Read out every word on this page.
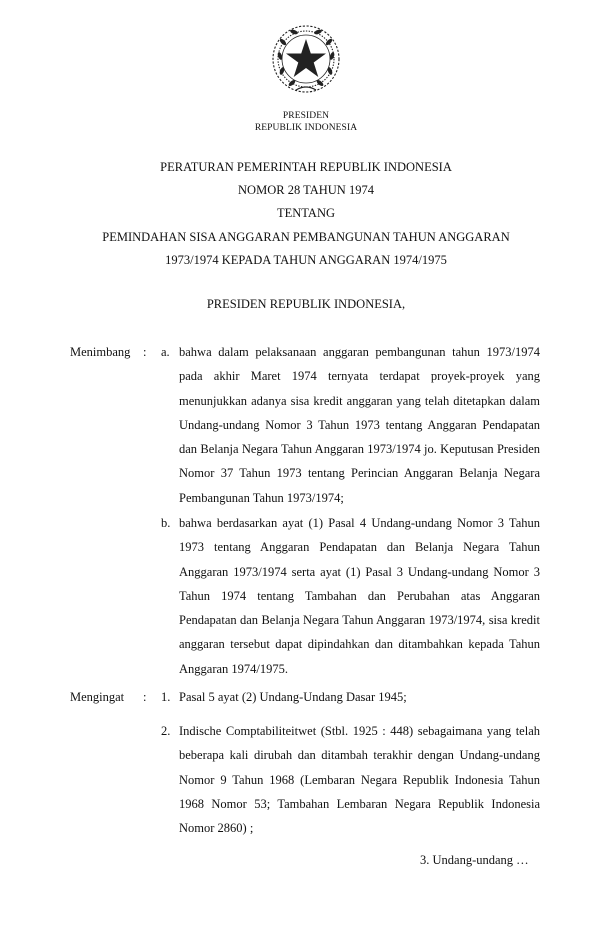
PRESIDEN
REPUBLIK INDONESIA
PERATURAN PEMERINTAH REPUBLIK INDONESIA
NOMOR 28 TAHUN 1974
TENTANG
PEMINDAHAN SISA ANGGARAN PEMBANGUNAN TAHUN ANGGARAN
1973/1974 KEPADA TAHUN ANGGARAN 1974/1975
PRESIDEN REPUBLIK INDONESIA,
Menimbang : a. bahwa dalam pelaksanaan anggaran pembangunan tahun 1973/1974 pada akhir Maret 1974 ternyata terdapat proyek-proyek yang menunjukkan adanya sisa kredit anggaran yang telah ditetapkan dalam Undang-undang Nomor 3 Tahun 1973 tentang Anggaran Pendapatan dan Belanja Negara Tahun Anggaran 1973/1974 jo. Keputusan Presiden Nomor 37 Tahun 1973 tentang Perincian Anggaran Belanja Negara Pembangunan Tahun 1973/1974;

b. bahwa berdasarkan ayat (1) Pasal 4 Undang-undang Nomor 3 Tahun 1973 tentang Anggaran Pendapatan dan Belanja Negara Tahun Anggaran 1973/1974 serta ayat (1) Pasal 3 Undang-undang Nomor 3 Tahun 1974 tentang Tambahan dan Perubahan atas Anggaran Pendapatan dan Belanja Negara Tahun Anggaran 1973/1974, sisa kredit anggaran tersebut dapat dipindahkan dan ditambahkan kepada Tahun Anggaran 1974/1975.

Mengingat : 1. Pasal 5 ayat (2) Undang-Undang Dasar 1945;

2. Indische Comptabiliteitwet (Stbl. 1925 : 448) sebagaimana yang telah beberapa kali dirubah dan ditambah terakhir dengan Undang-undang Nomor 9 Tahun 1968 (Lembaran Negara Republik Indonesia Tahun 1968 Nomor 53; Tambahan Lembaran Negara Republik Indonesia Nomor 2860) ;

3. Undang-undang …
